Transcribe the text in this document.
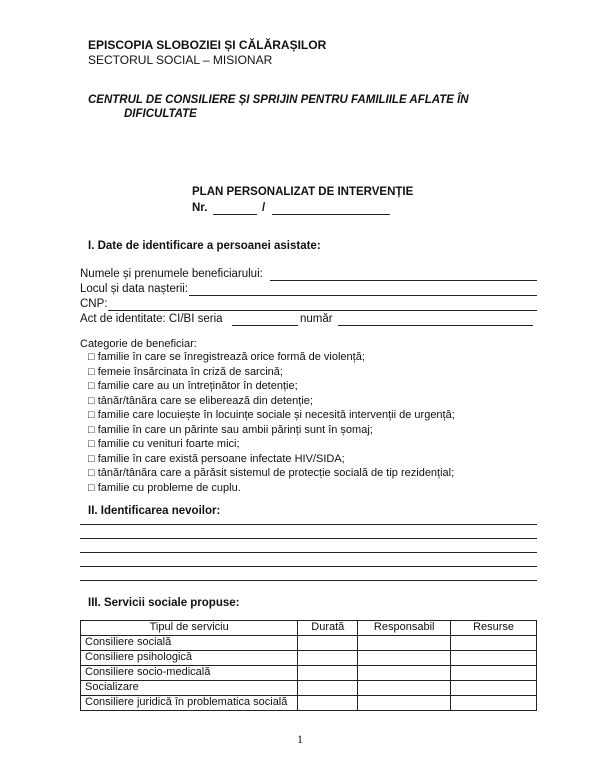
EPISCOPIA SLOBOZIEI ȘI CĂLĂRAȘILOR
SECTORUL SOCIAL – MISIONAR
CENTRUL DE CONSILIERE ȘI SPRIJIN PENTRU FAMILIILE AFLATE ÎN
DIFICULTATE
PLAN PERSONALIZAT DE INTERVENȚIE
Nr.	/
I. Date de identificare a persoanei asistate:
Numele și prenumele beneficiarului:
Locul și data nașterii:
CNP:
Act de identitate: CI/BI seria	număr
Categorie de beneficiar:
□ familie în care se înregistrează orice formă de violență;
□ femeie însărcinata în criză de sarcină;
□ familie care au un întreținător în detenție;
□ tânăr/tânăra care se eliberează din detenție;
□ familie care locuiește în locuințe sociale și necesită intervenții de urgență;
□ familie în care un părinte sau ambii părinți sunt în șomaj;
□ familie cu venituri foarte mici;
□ familie în care există persoane infectate HIV/SIDA;
□ tânăr/tânăra care a părăsit sistemul de protecție socială de tip rezidențial;
□ familie cu probleme de cuplu.
II. Identificarea nevoilor:
III. Servicii sociale propuse:
Tipul de serviciu	Durată	Responsabil	Resurse
Consiliere socială			
Consiliere psihologică			
Consiliere socio-medicală			
Socializare			
Consiliere juridică în problematica socială			
1
